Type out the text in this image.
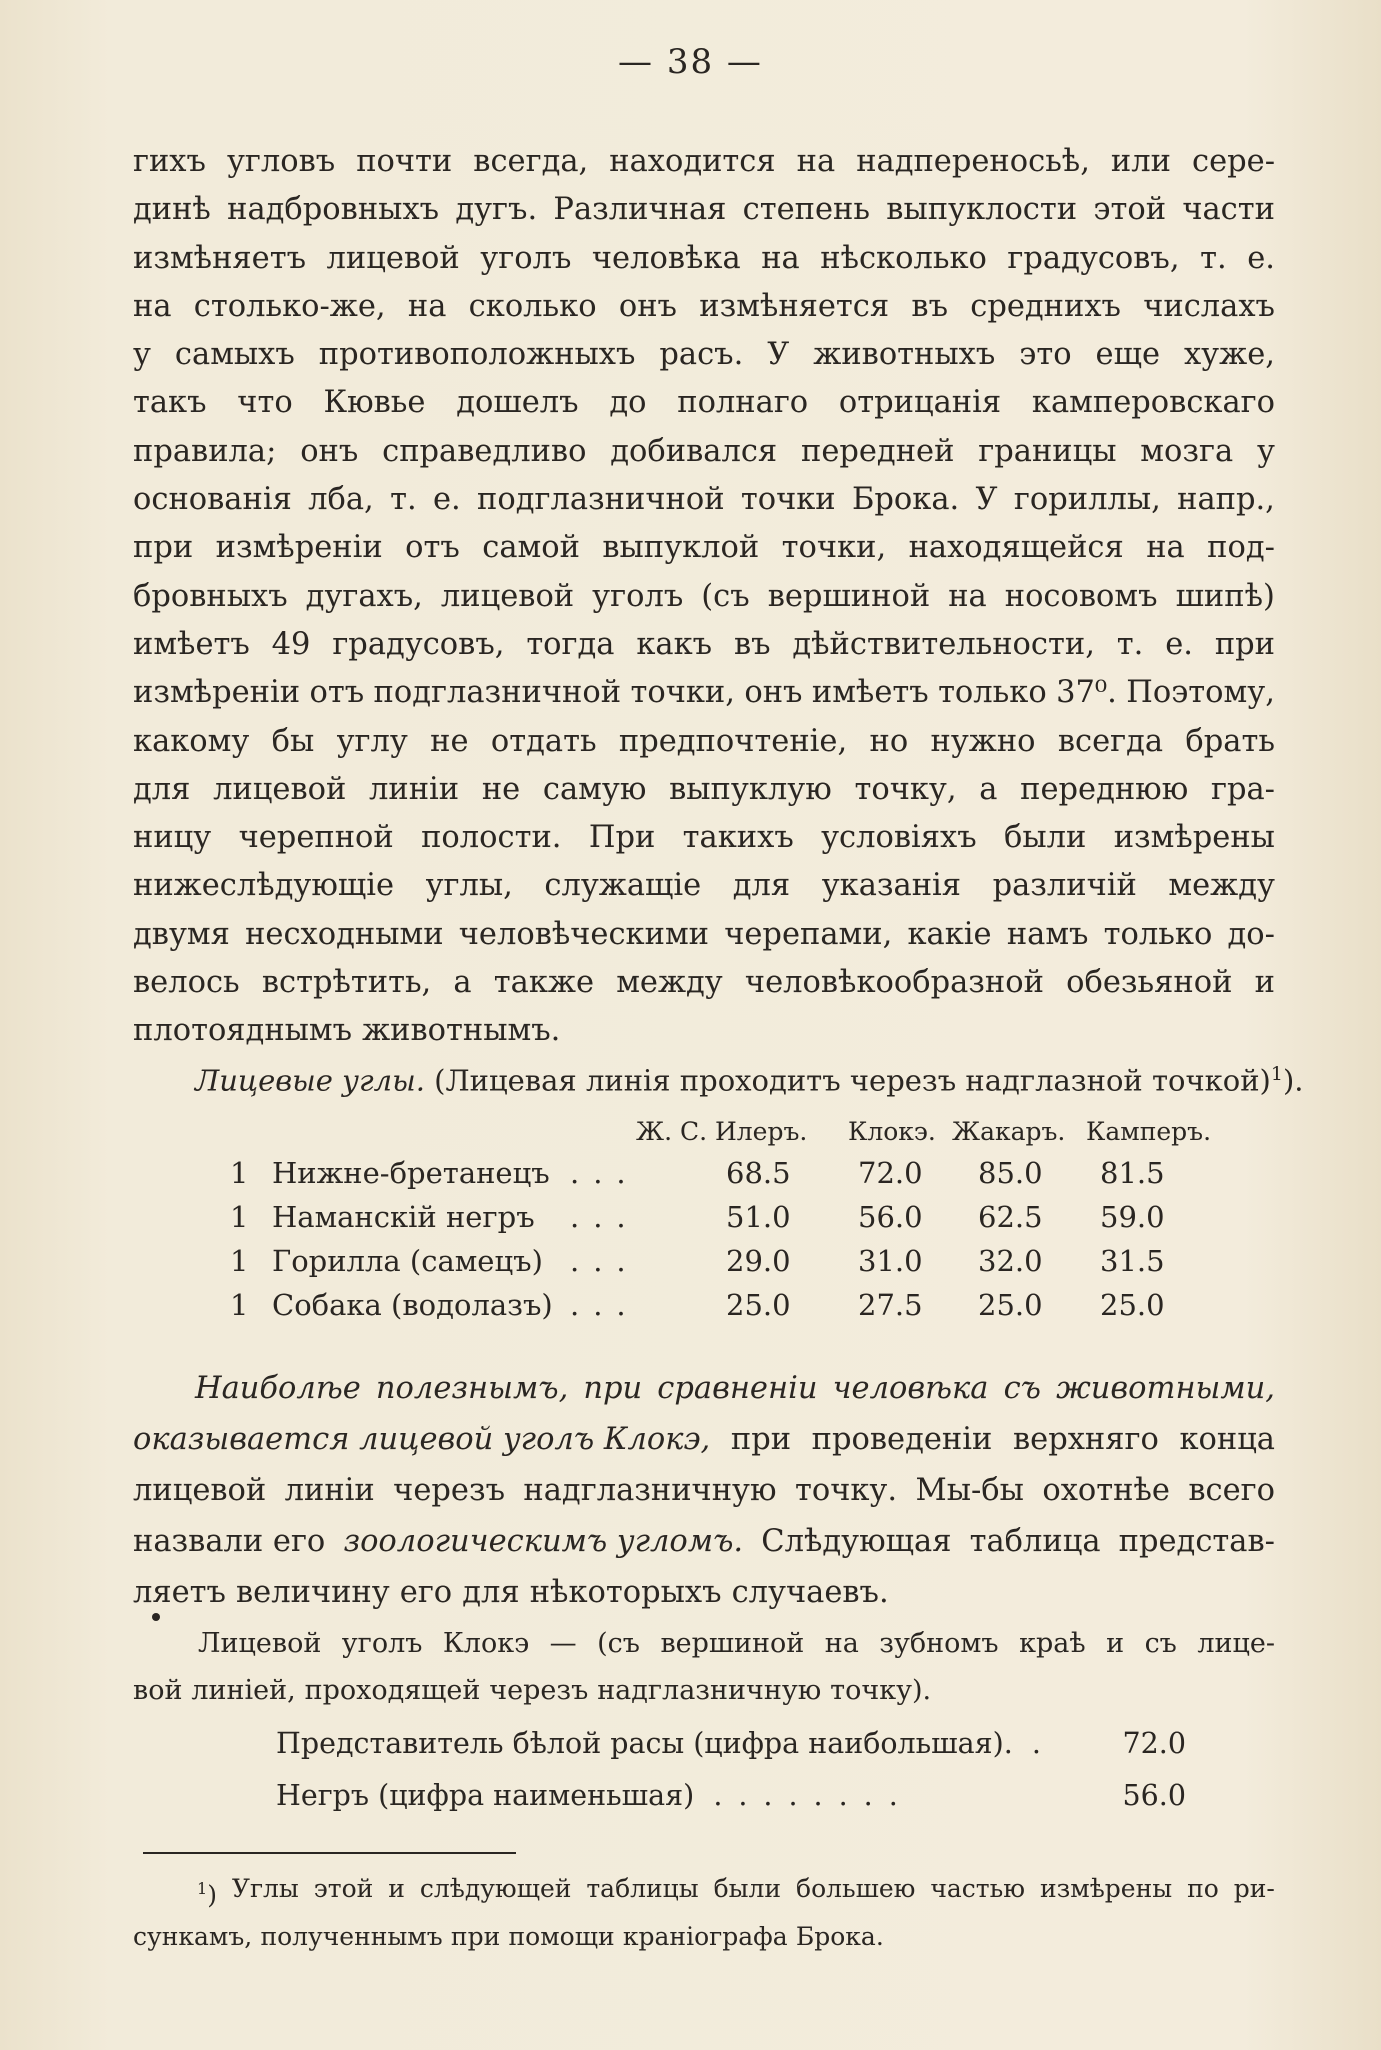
— 38 —
гихъ угловъ почти всегда, находится на надпереносьѣ, или сере-
динѣ надбровныхъ дугъ. Различная степень выпуклости этой части
измѣняетъ лицевой уголъ человѣка на нѣсколько градусовъ, т. е.
на столько-же, на сколько онъ измѣняется въ среднихъ числахъ
у самыхъ противоположныхъ расъ. У животныхъ это еще хуже,
такъ что Кювье дошелъ до полнаго отрицанія камперовскаго
правила; онъ справедливо добивался передней границы мозга у
основанія лба, т. е. подглазничной точки Брока. У гориллы, напр.,
при измѣреніи отъ самой выпуклой точки, находящейся на под-
бровныхъ дугахъ, лицевой уголъ (съ вершиной на носовомъ шипѣ)
имѣетъ 49 градусовъ, тогда какъ въ дѣйствительности, т. е. при
измѣреніи отъ подглазничной точки, онъ имѣетъ только 37⁰. Поэтому,
какому бы углу не отдать предпочтеніе, но нужно всегда брать
для лицевой линіи не самую выпуклую точку, а переднюю гра-
ницу черепной полости. При такихъ условіяхъ были измѣрены
нижеслѣдующіе углы, служащіе для указанія различій между
двумя несходными человѣческими черепами, какіе намъ только до-
велось встрѣтить, а также между человѣкообразной обезьяной и
плотояднымъ животнымъ.
Лицевые углы. (Лицевая линія проходитъ черезъ надглазной точкой)$^1$).
Ж. С. Илеръ. Клокэ. Жакаръ. Камперъ.
1 Нижне-бретанецъ ...	68.5 72.0 85.0 81.5
1 Наманскій негръ ...	51.0 56.0 62.5 59.0
1 Горилла (самецъ) ...	29.0 31.0 32.0 31.5
1 Собака (водолазъ) ...	25.0 27.5 25.0 25.0
Наиболѣе полезнымъ, при сравненіи человѣка съ животными,
оказывается лицевой уголъ Клокэ, при проведеніи верхняго конца
лицевой линіи черезъ надглазничную точку. Мы-бы охотнѣе всего
назвали его зоологическимъ угломъ. Слѣдующая таблица представ-
ляетъ величину его для нѣкоторыхъ случаевъ.
Лицевой уголъ Клокэ — (съ вершиной на зубномъ краѣ и съ лице-
вой линіей, проходящей черезъ надглазничную точку).
Представитель бѣлой расы (цифра наибольшая). . 72.0
Негръ (цифра наименьшая) ........	56.0
$^1$) Углы этой и слѣдующей таблицы были большею частью измѣрены по ри-
сункамъ, полученнымъ при помощи краніографа Брока.
